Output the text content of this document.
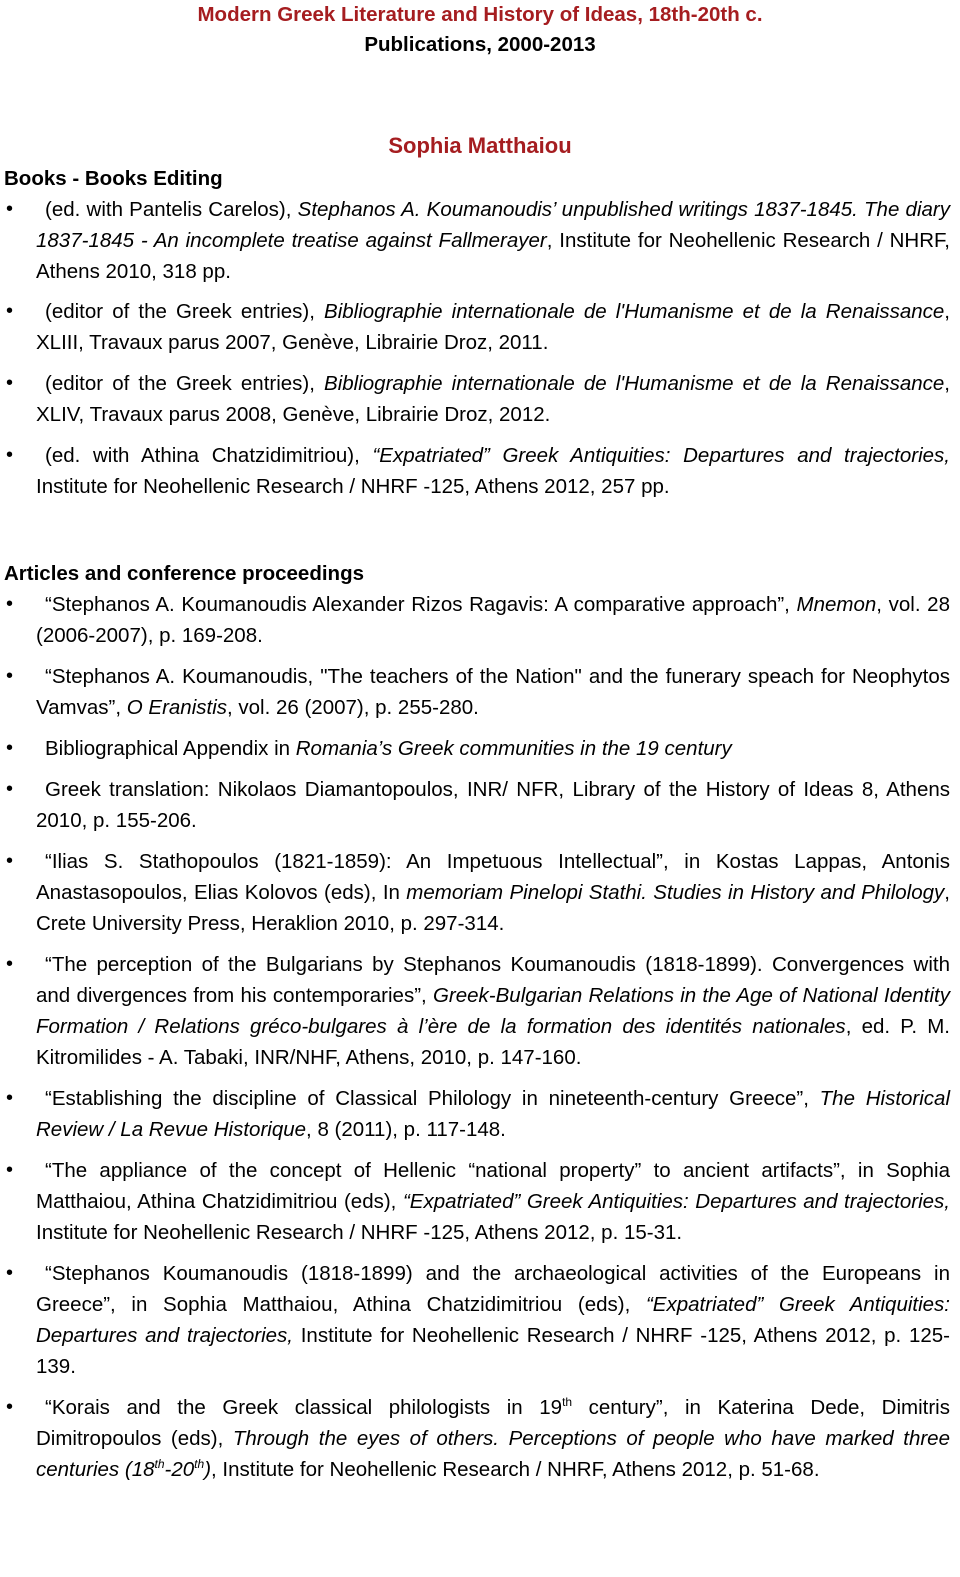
Modern Greek Literature and History of Ideas, 18th-20th c.
Publications, 2000-2013
Sophia Matthaiou
Books - Books Editing
• (ed. with Pantelis Carelos), Stephanos A. Koumanoudis’ unpublished writings 1837-1845. The diary 1837-1845 - An incomplete treatise against Fallmerayer, Institute for Neohellenic Research / NHRF, Athens 2010, 318 pp.
• (editor of the Greek entries), Bibliographie internationale de l'Humanisme et de la Renaissance, XLIII, Travaux parus 2007, Genève, Librairie Droz, 2011.
• (editor of the Greek entries), Bibliographie internationale de l'Humanisme et de la Renaissance, XLIV, Travaux parus 2008, Genève, Librairie Droz, 2012.
• (ed. with Athina Chatzidimitriou), “Expatriated” Greek Antiquities: Departures and trajectories, Institute for Neohellenic Research / NHRF -125, Athens 2012, 257 pp.
Articles and conference proceedings
• “Stephanos A. Koumanoudis Alexander Rizos Ragavis: A comparative approach”, Mnemon, vol. 28 (2006-2007), p. 169-208.
• “Stephanos A. Koumanoudis, "The teachers of the Nation" and the funerary speach for Neophytos Vamvas”, O Eranistis, vol. 26 (2007), p. 255-280.
• Bibliographical Appendix in Romania’s Greek communities in the 19 century
• Greek translation: Nikolaos Diamantopoulos, INR/ NFR, Library of the History of Ideas 8, Athens 2010, p. 155-206.
• “Ilias S. Stathopoulos (1821-1859): An Impetuous Intellectual”, in Kostas Lappas, Antonis Anastasopoulos, Elias Kolovos (eds), In memoriam Pinelopi Stathi. Studies in History and Philology, Crete University Press, Heraklion 2010, p. 297-314.
• “The perception of the Bulgarians by Stephanos Koumanoudis (1818-1899). Convergences with and divergences from his contemporaries”, Greek-Bulgarian Relations in the Age of National Identity Formation / Relations gréco-bulgares à l’ère de la formation des identités nationales, ed. P. M. Kitromilides - A. Tabaki, INR/NHF, Athens, 2010, p. 147-160.
• “Establishing the discipline of Classical Philology in nineteenth-century Greece”, The Historical Review / La Revue Historique, 8 (2011), p. 117-148.
• “The appliance of the concept of Hellenic “national property” to ancient artifacts”, in Sophia Matthaiou, Athina Chatzidimitriou (eds), “Expatriated” Greek Antiquities: Departures and trajectories, Institute for Neohellenic Research / NHRF -125, Athens 2012, p. 15-31.
• “Stephanos Koumanoudis (1818-1899) and the archaeological activities of the Europeans in Greece”, in Sophia Matthaiou, Athina Chatzidimitriou (eds), “Expatriated” Greek Antiquities: Departures and trajectories, Institute for Neohellenic Research / NHRF -125, Athens 2012, p. 125-139.
• “Korais and the Greek classical philologists in 19th century”, in Katerina Dede, Dimitris Dimitropoulos (eds), Through the eyes of others. Perceptions of people who have marked three centuries (18th-20th), Institute for Neohellenic Research / NHRF, Athens 2012, p. 51-68.
